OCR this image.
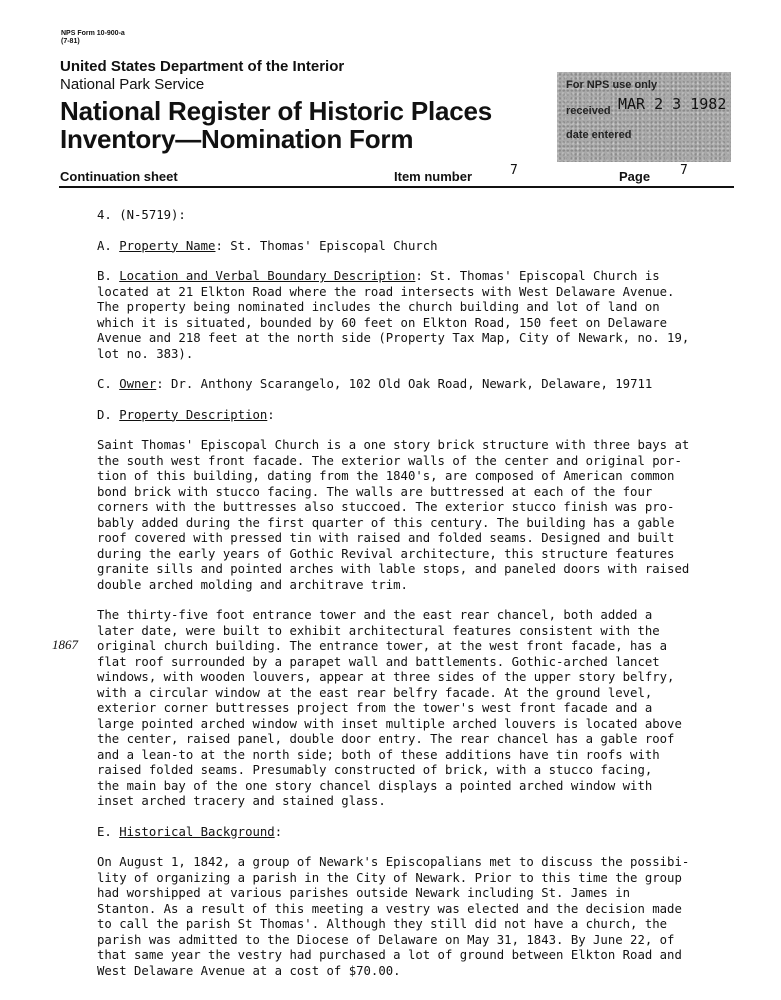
NPS Form 10-900-a
(7-81)
United States Department of the Interior
National Park Service
National Register of Historic Places
Inventory—Nomination Form
For NPS use only
received MAR 2 3 1982
date entered
Continuation sheet	Item number	7	Page 7
1867

4. (N-5719):

A. Property Name: St. Thomas' Episcopal Church

B. Location and Verbal Boundary Description: St. Thomas' Episcopal Church is
located at 21 Elkton Road where the road intersects with West Delaware Avenue.
The property being nominated includes the church building and lot of land on
which it is situated, bounded by 60 feet on Elkton Road, 150 feet on Delaware
Avenue and 218 feet at the north side (Property Tax Map, City of Newark, no. 19,
lot no. 383).

C. Owner: Dr. Anthony Scarangelo, 102 Old Oak Road, Newark, Delaware, 19711

D. Property Description:

Saint Thomas' Episcopal Church is a one story brick structure with three bays at
the south west front facade. The exterior walls of the center and original por-
tion of this building, dating from the 1840's, are composed of American common
bond brick with stucco facing. The walls are buttressed at each of the four
corners with the buttresses also stuccoed. The exterior stucco finish was pro-
bably added during the first quarter of this century. The building has a gable
roof covered with pressed tin with raised and folded seams. Designed and built
during the early years of Gothic Revival architecture, this structure features
granite sills and pointed arches with lable stops, and paneled doors with raised
double arched molding and architrave trim.

The thirty-five foot entrance tower and the east rear chancel, both added a
later date, were built to exhibit architectural features consistent with the
original church building. The entrance tower, at the west front facade, has a
flat roof surrounded by a parapet wall and battlements. Gothic-arched lancet
windows, with wooden louvers, appear at three sides of the upper story belfry,
with a circular window at the east rear belfry facade. At the ground level,
exterior corner buttresses project from the tower's west front facade and a
large pointed arched window with inset multiple arched louvers is located above
the center, raised panel, double door entry. The rear chancel has a gable roof
and a lean-to at the north side; both of these additions have tin roofs with
raised folded seams. Presumably constructed of brick, with a stucco facing,
the main bay of the one story chancel displays a pointed arched window with
inset arched tracery and stained glass.

E. Historical Background:

On August 1, 1842, a group of Newark's Episcopalians met to discuss the possibi-
lity of organizing a parish in the City of Newark. Prior to this time the group
had worshipped at various parishes outside Newark including St. James in
Stanton. As a result of this meeting a vestry was elected and the decision made
to call the parish St Thomas'. Although they still did not have a church, the
parish was admitted to the Diocese of Delaware on May 31, 1843. By June 22, of
that same year the vestry had purchased a lot of ground between Elkton Road and
West Delaware Avenue at a cost of $70.00.
